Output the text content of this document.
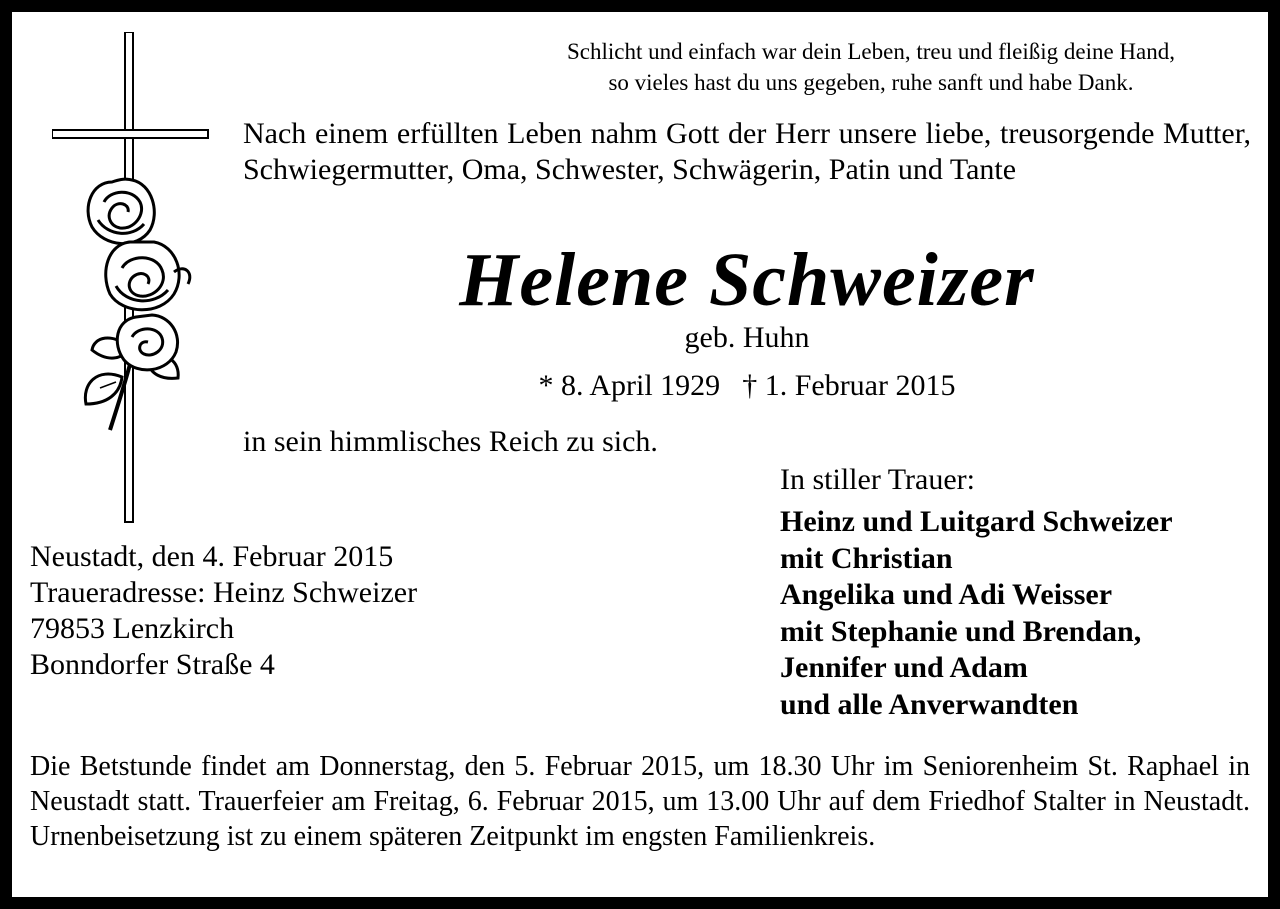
Schlicht und einfach war dein Leben, treu und fleißig deine Hand,
so vieles hast du uns gegeben, ruhe sanft und habe Dank.
Nach einem erfüllten Leben nahm Gott der Herr unsere liebe, treusorgende Mutter, Schwiegermutter, Oma, Schwester, Schwägerin, Patin und Tante
Helene Schweizer
geb. Huhn
* 8. April 1929 † 1. Februar 2015
in sein himmlisches Reich zu sich.
In stiller Trauer:
Heinz und Luitgard Schweizer
mit Christian
Angelika und Adi Weisser
mit Stephanie und Brendan,
Jennifer und Adam
und alle Anverwandten
Neustadt, den 4. Februar 2015
Traueradresse: Heinz Schweizer
79853 Lenzkirch
Bonndorfer Straße 4
Die Betstunde findet am Donnerstag, den 5. Februar 2015, um 18.30 Uhr im Seniorenheim St. Raphael in Neustadt statt. Trauerfeier am Freitag, 6. Februar 2015, um 13.00 Uhr auf dem Friedhof Stalter in Neustadt. Urnenbeisetzung ist zu einem späteren Zeitpunkt im engsten Familienkreis.
